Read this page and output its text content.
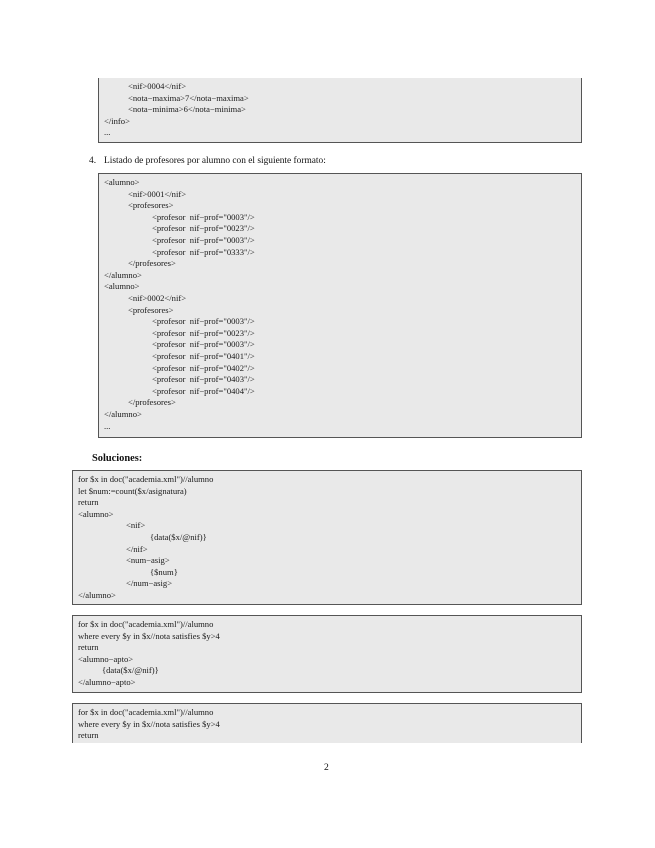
<nif>0004</nif>
<nota−maxima>7</nota−maxima>
<nota−minima>6</nota−minima>
</info>
...
4. Listado de profesores por alumno con el siguiente formato:
<alumno>
<nif>0001</nif>
<profesores>
<profesor  nif−prof="0003"/>
<profesor  nif−prof="0023"/>
<profesor  nif−prof="0003"/>
<profesor  nif−prof="0333"/>
</profesores>
</alumno>
<alumno>
<nif>0002</nif>
<profesores>
<profesor  nif−prof="0003"/>
<profesor  nif−prof="0023"/>
<profesor  nif−prof="0003"/>
<profesor  nif−prof="0401"/>
<profesor  nif−prof="0402"/>
<profesor  nif−prof="0403"/>
<profesor  nif−prof="0404"/>
</profesores>
</alumno>
...
Soluciones:
for $x in doc("academia.xml")//alumno
let $num:=count($x/asignatura)
return
<alumno>
<nif>
{data($x/@nif)}
</nif>
<num−asig>
{$num}
</num−asig>
</alumno>
for $x in doc("academia.xml")//alumno
where every $y in $x//nota satisfies $y>4
return
<alumno−apto>
{data($x/@nif)}
</alumno−apto>
for $x in doc("academia.xml")//alumno
where every $y in $x//nota satisfies $y>4
return
2
